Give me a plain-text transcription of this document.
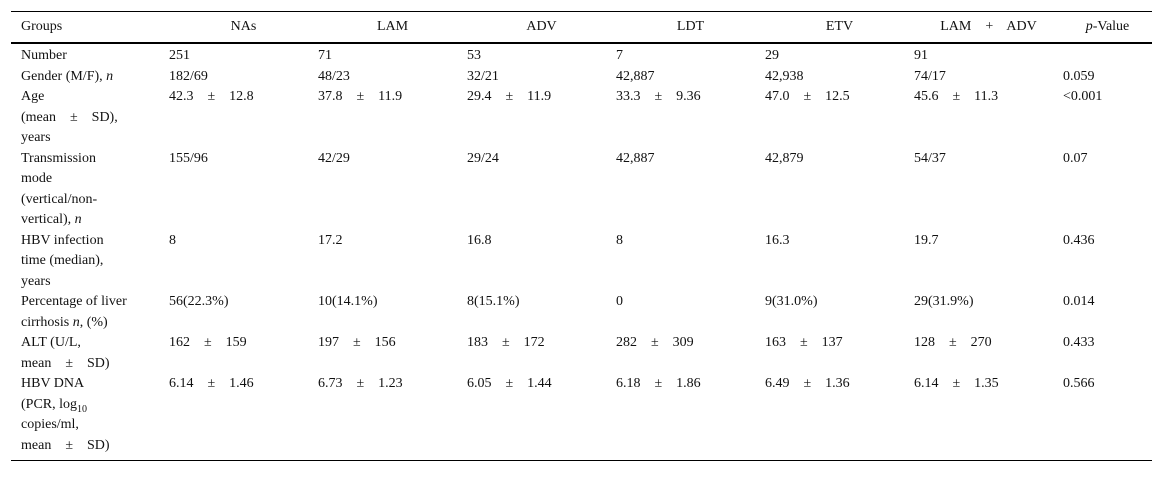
Groups	NAs	LAM	ADV	LDT	ETV	LAM    +    ADV	p-Value
Number	251	71	53	7	29	91	
Gender (M/F), n	182/69	48/23	32/21	42,887	42,938	74/17	0.059
Age
(mean    ±    SD),
years	42.3    ±    12.8	37.8    ±    11.9	29.4    ±    11.9	33.3    ±    9.36	47.0    ±    12.5	45.6    ±    11.3	<0.001
Transmission
mode
(vertical/non-
vertical), n	155/96	42/29	29/24	42,887	42,879	54/37	0.07
HBV infection
time (median),
years	8	17.2	16.8	8	16.3	19.7	0.436
Percentage of liver
cirrhosis n, (%)	56(22.3%)	10(14.1%)	8(15.1%)	0	9(31.0%)	29(31.9%)	0.014
ALT (U/L,
mean    ±    SD)	162    ±    159	197    ±    156	183    ±    172	282    ±    309	163    ±    137	128    ±    270	0.433
HBV DNA
(PCR, $\log_{10}$
copies/ml,
mean    ±    SD)	6.14    ±    1.46	6.73    ±    1.23	6.05    ±    1.44	6.18    ±    1.86	6.49    ±    1.36	6.14    ±    1.35	0.566
